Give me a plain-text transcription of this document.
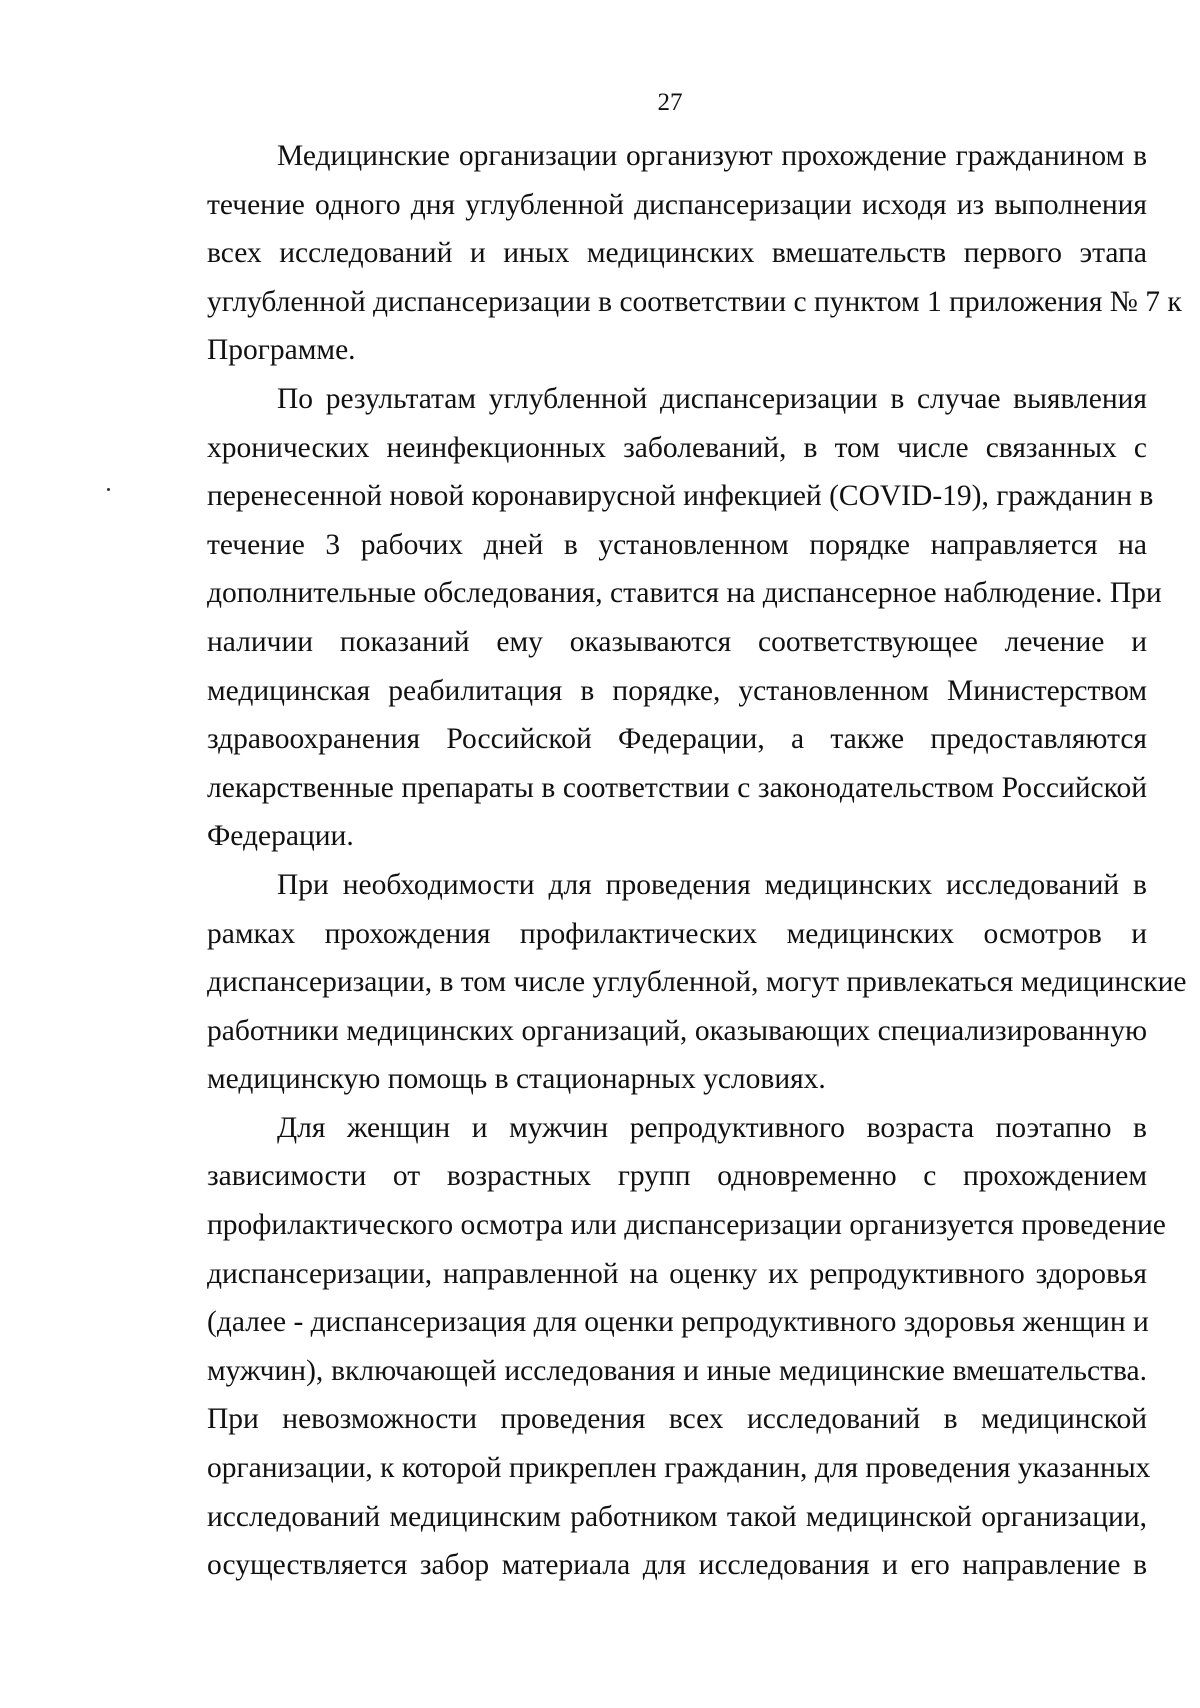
27

Медицинские организации организуют прохождение гражданином в
течение одного дня углубленной диспансеризации исходя из выполнения
всех исследований и иных медицинских вмешательств первого этапа
углубленной диспансеризации в соответствии с пунктом 1 приложения № 7 к
Программе.

По результатам углубленной диспансеризации в случае выявления
хронических неинфекционных заболеваний, в том числе связанных с
перенесенной новой коронавирусной инфекцией (COVID-19), гражданин в
течение 3 рабочих дней в установленном порядке направляется на
дополнительные обследования, ставится на диспансерное наблюдение. При
наличии показаний ему оказываются соответствующее лечение и
медицинская реабилитация в порядке, установленном Министерством
здравоохранения Российской Федерации, а также предоставляются
лекарственные препараты в соответствии с законодательством Российской
Федерации.

При необходимости для проведения медицинских исследований в
рамках прохождения профилактических медицинских осмотров и
диспансеризации, в том числе углубленной, могут привлекаться медицинские
работники медицинских организаций, оказывающих специализированную
медицинскую помощь в стационарных условиях.

Для женщин и мужчин репродуктивного возраста поэтапно в
зависимости от возрастных групп одновременно с прохождением
профилактического осмотра или диспансеризации организуется проведение
диспансеризации, направленной на оценку их репродуктивного здоровья
(далее - диспансеризация для оценки репродуктивного здоровья женщин и
мужчин), включающей исследования и иные медицинские вмешательства.
При невозможности проведения всех исследований в медицинской
организации, к которой прикреплен гражданин, для проведения указанных
исследований медицинским работником такой медицинской организации,
осуществляется забор материала для исследования и его направление в
